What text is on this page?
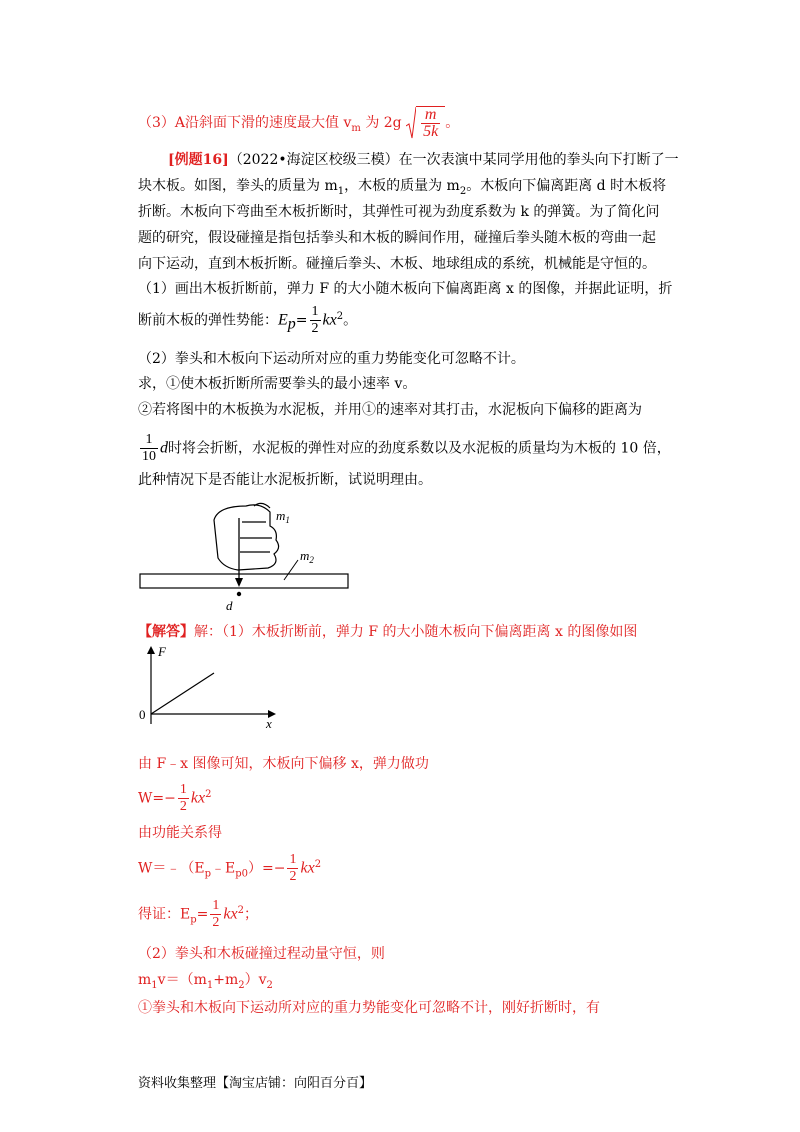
（3）A沿斜面下滑的速度最大值 $v_m$ 为 $2g \frac{m}{5k}$ 。
[例题16]（2022•海淀区校级三模）在一次表演中某同学用他的拳头向下打断了一
块木板。如图，拳头的质量为 $m_1$，木板的质量为 $m_2$。木板向下偏离距离 d 时木板将
折断。木板向下弯曲至木板折断时，其弹性可视为劲度系数为 k 的弹簧。为了简化问
题的研究，假设碰撞是指包括拳头和木板的瞬间作用，碰撞后拳头随木板的弯曲一起
向下运动，直到木板折断。碰撞后拳头、木板、地球组成的系统，机械能是守恒的。
（1）画出木板折断前，弹力 F 的大小随木板向下偏离距离 x 的图像，并据此证明，折
断前木板的弹性势能：$E_p= \frac{1}{2} kx^2$。
（2）拳头和木板向下运动所对应的重力势能变化可忽略不计。
求，①使木板折断所需要拳头的最小速率 v。
②若将图中的木板换为水泥板，并用①的速率对其打击，水泥板向下偏移的距离为
$\frac{1}{10}$ d时将会折断，水泥板的弹性对应的劲度系数以及水泥板的质量均为木板的 10 倍，
此种情况下是否能让水泥板折断，试说明理由。
$m_1$
$m_2$
d
【解答】解：（1）木板折断前，弹力 F 的大小随木板向下偏离距离 x 的图像如图
F
x
0
由 F﹣x 图像可知，木板向下偏移 x，弹力做功
$W=- \frac{1}{2} kx^2$
由功能关系得
$W=﹣(E_p﹣E_{p0})=- \frac{1}{2} kx^2$
得证：$E_p= \frac{1}{2} kx^2$；
（2）拳头和木板碰撞过程动量守恒，则
$m_1v=(m_1+m_2)v_2$
①拳头和木板向下运动所对应的重力势能变化可忽略不计，刚好折断时，有
资料收集整理【淘宝店铺：向阳百分百】
